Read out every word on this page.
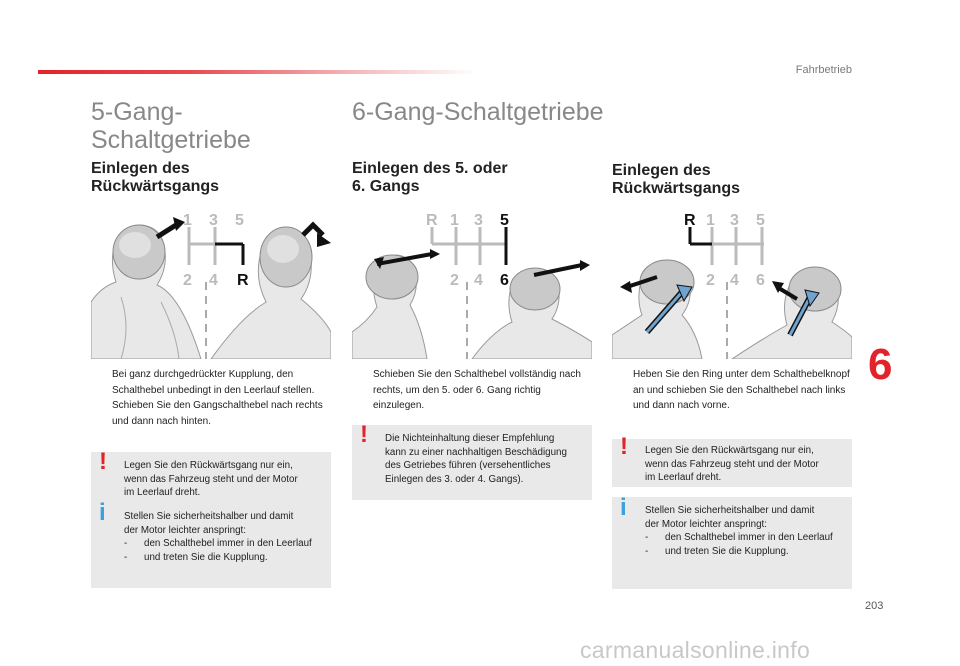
Fahrbetrieb
5-Gang-
Schaltgetriebe
Einlegen des
Rückwärtsgangs
1 3 5
2 4 R
Bei ganz durchgedrückter Kupplung, den Schalthebel unbedingt in den Leerlauf stellen.
Schieben Sie den Gangschalthebel nach rechts und dann nach hinten.
! Legen Sie den Rückwärtsgang nur ein,
wenn das Fahrzeug steht und der Motor
im Leerlauf dreht.
i Stellen Sie sicherheitshalber und damit
der Motor leichter anspringt:
-	den Schalthebel immer in den Leerlauf
-	und treten Sie die Kupplung.
6-Gang-Schaltgetriebe
Einlegen des 5. oder
6. Gangs
R 1 3 5
2 4 6
Schieben Sie den Schalthebel vollständig nach rechts, um den 5. oder 6. Gang richtig einzulegen.
! Die Nichteinhaltung dieser Empfehlung
kann zu einer nachhaltigen Beschädigung
des Getriebes führen (versehentliches
Einlegen des 3. oder 4. Gangs).
Einlegen des
Rückwärtsgangs
R 1 3 5
2 4 6
Heben Sie den Ring unter dem Schalthebelknopf an und schieben Sie den Schalthebel nach links und dann nach vorne.
! Legen Sie den Rückwärtsgang nur ein,
wenn das Fahrzeug steht und der Motor
im Leerlauf dreht.
i Stellen Sie sicherheitshalber und damit
der Motor leichter anspringt:
-	den Schalthebel immer in den Leerlauf
-	und treten Sie die Kupplung.
6
203
carmanualsonline.info
